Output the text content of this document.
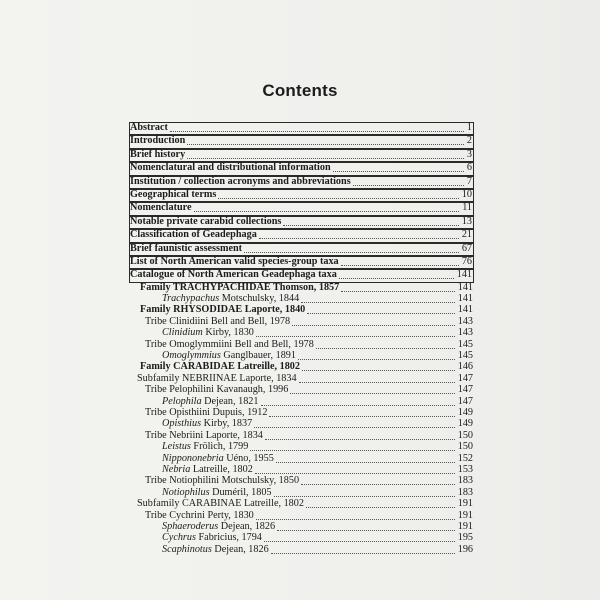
Contents
Abstract	1
Introduction	2
Brief history	3
Nomenclatural and distributional information	6
Institution / collection acronyms and abbreviations	7
Geographical terms	10
Nomenclature	11
Notable private carabid collections	13
Classification of Geadephaga	21
Brief faunistic assessment	67
List of North American valid species-group taxa	76
Catalogue of North American Geadephaga taxa	141
Family TRACHYPACHIDAE Thomson, 1857	141
Trachypachus Motschulsky, 1844	141
Family RHYSODIDAE Laporte, 1840	141
Tribe Clinidiini Bell and Bell, 1978	143
Clinidium Kirby, 1830	143
Tribe Omoglymmiini Bell and Bell, 1978	145
Omoglymmius Ganglbauer, 1891	145
Family CARABIDAE Latreille, 1802	146
Subfamily NEBRIINAE Laporte, 1834	147
Tribe Pelophilini Kavanaugh, 1996	147
Pelophila Dejean, 1821	147
Tribe Opisthiini Dupuis, 1912	149
Opisthius Kirby, 1837	149
Tribe Nebriini Laporte, 1834	150
Leistus Frölich, 1799	150
Nippononebria Uéno, 1955	152
Nebria Latreille, 1802	153
Tribe Notiophilini Motschulsky, 1850	183
Notiophilus Duméril, 1805	183
Subfamily CARABINAE Latreille, 1802	191
Tribe Cychrini Perty, 1830	191
Sphaeroderus Dejean, 1826	191
Cychrus Fabricius, 1794	195
Scaphinotus Dejean, 1826	196
